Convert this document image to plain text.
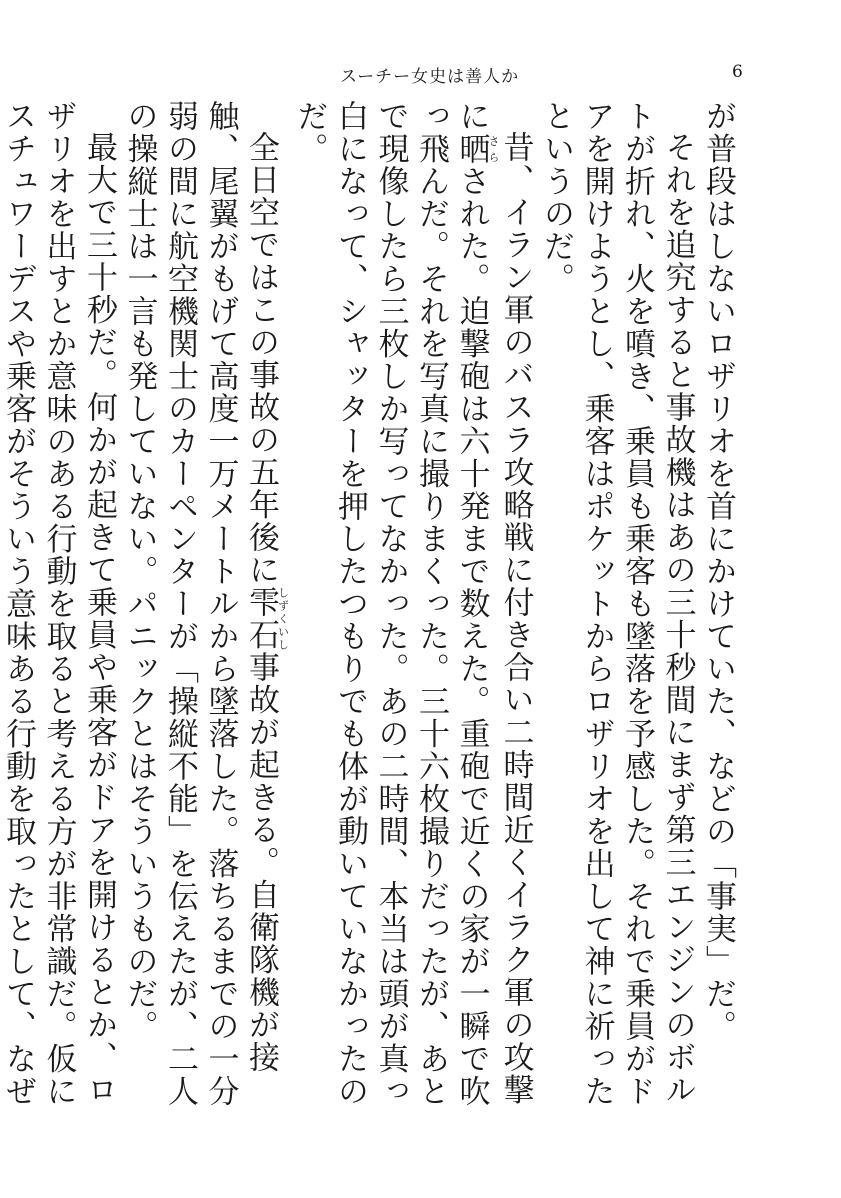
スーチー女史は善人か	6

が普段はしないロザリオを首にかけていた、などの「事実」だ。

それを追究すると事故機はあの三十秒間にまず第三エンジンのボルトが折れ、火を噴き、乗員も乗客も墜落を予感した。それで乗員がドアを開けようとし、乗客はポケットからロザリオを出して神に祈ったというのだ。

昔、イラン軍のバスラ攻略戦に付き合い二時間近くイラク軍の攻撃に晒さらされた。迫撃砲は六十発まで数えた。重砲で近くの家が一瞬で吹っ飛んだ。それを写真に撮りまくった。三十六枚撮りだったが、あとで現像したら三枚しか写ってなかった。あの二時間、本当は頭が真っ白になって、シャッターを押したつもりでも体が動いていなかったのだ。

全日空ではこの事故の五年後に雫石しずくいし事故が起きる。自衛隊機が接触、尾翼がもげて高度一万メートルから墜落した。落ちるまでの一分弱の間に航空機関士のカーペンターが「操縦不能」を伝えたが、二人の操縦士は一言も発していない。パニックとはそういうものだ。

最大で三十秒だ。何かが起きて乗員や乗客がドアを開けるとか、ロザリオを出すとか意味のある行動を取ると考える方が非常識だ。仮にスチュワーデスや乗客がそういう意味ある行動を取ったとして、なぜ
